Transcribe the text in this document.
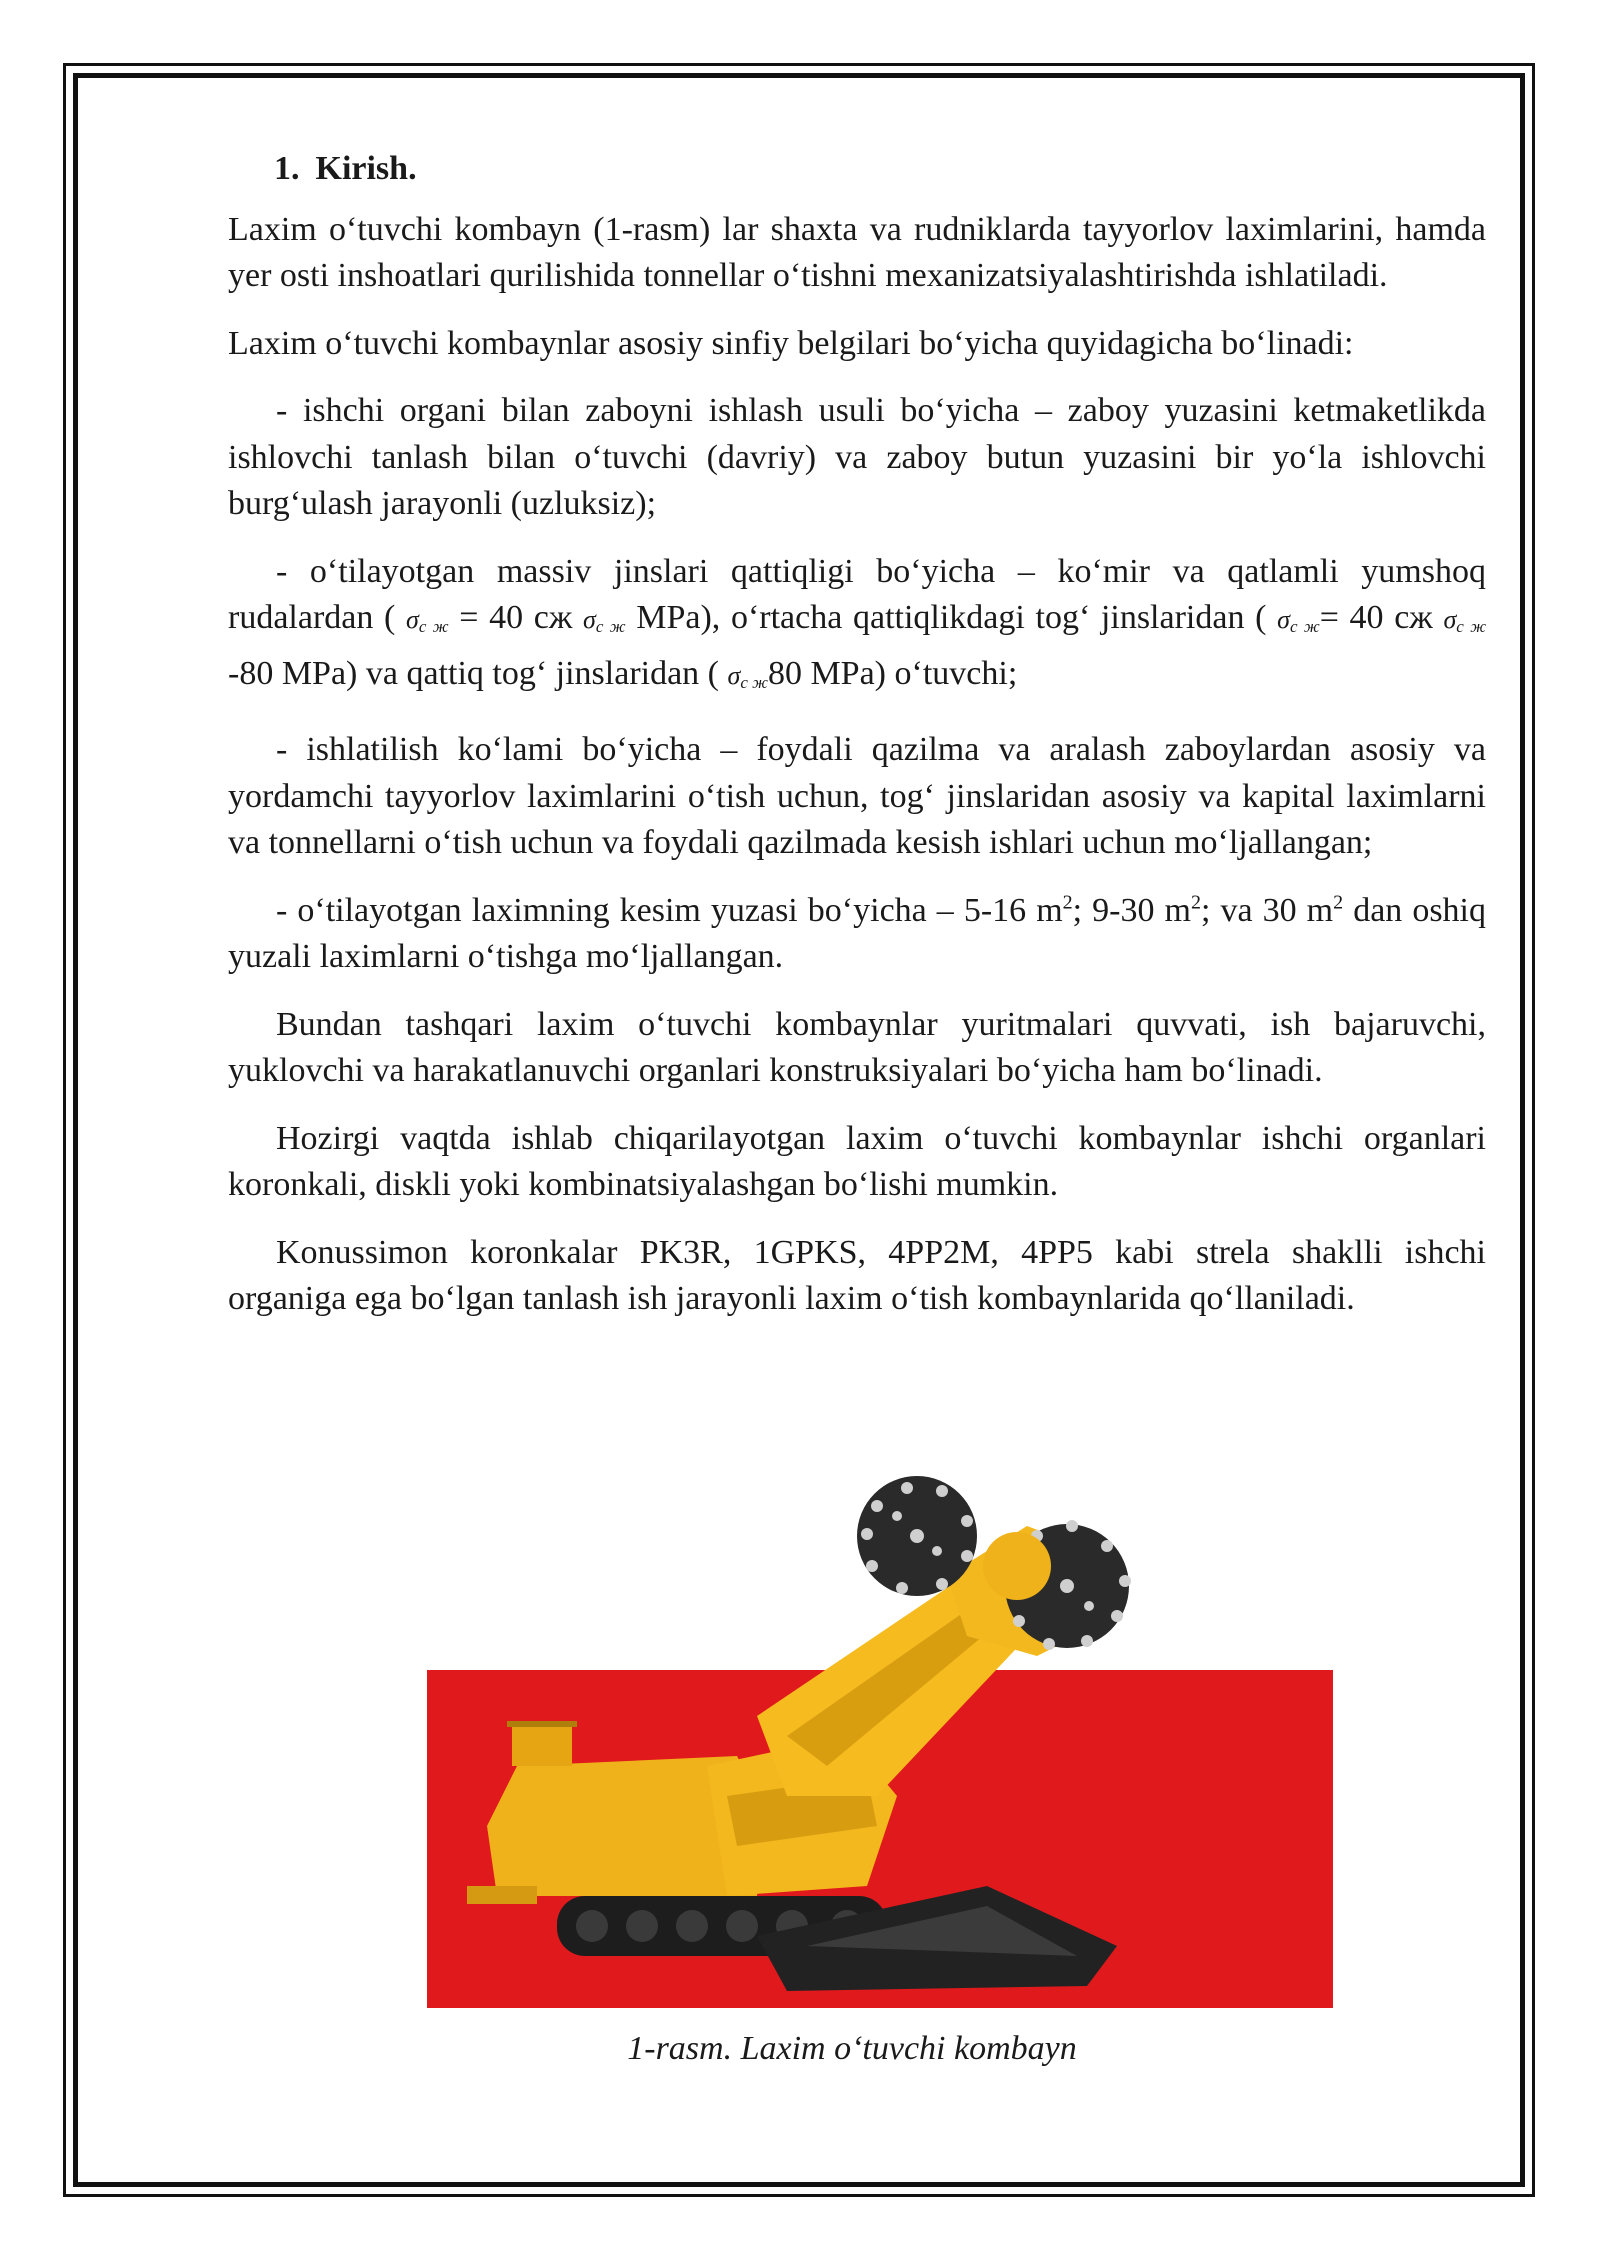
1. Kirish.

Laxim o‘tuvchi kombayn (1-rasm) lar shaxta va rudniklarda tayyorlov laximlarini, hamda yer osti inshoatlari qurilishida tonnellar o‘tishni mexanizatsiyalashtirishda ishlatiladi.

Laxim o‘tuvchi kombaynlar asosiy sinfiy belgilari bo‘yicha quyidagicha bo‘linadi:

- ishchi organi bilan zaboyni ishlash usuli bo‘yicha – zaboy yuzasini ketmaketlikda ishlovchi tanlash bilan o‘tuvchi (davriy) va zaboy butun yuzasini bir yo‘la ishlovchi burg‘ulash jarayonli (uzluksiz);

- o‘tilayotgan massiv jinslari qattiqligi bo‘yicha – ko‘mir va qatlamli yumshoq rudalardan ( $\sigma_{с ж} = 40$ сж $\sigma_{с ж}$ MPa), o‘rtacha qattiqlikdagi tog‘ jinslaridan ( $\sigma_{с ж}= 40$ сж $\sigma_{с ж}$ -80 MPa) va qattiq tog‘ jinslaridan ( $\sigma_{с ж}80$ MPa) o‘tuvchi;

- ishlatilish ko‘lami bo‘yicha – foydali qazilma va aralash zaboylardan asosiy va yordamchi tayyorlov laximlarini o‘tish uchun, tog‘ jinslaridan asosiy va kapital laximlarni va tonnellarni o‘tish uchun va foydali qazilmada kesish ishlari uchun mo‘ljallangan;

- o‘tilayotgan laximning kesim yuzasi bo‘yicha – 5-16 $m^2$; 9-30 $m^2$; va 30 $m^2$ dan oshiq yuzali laximlarni o‘tishga mo‘ljallangan.

Bundan tashqari laxim o‘tuvchi kombaynlar yuritmalari quvvati, ish bajaruvchi, yuklovchi va harakatlanuvchi organlari konstruksiyalari bo‘yicha ham bo‘linadi.

Hozirgi vaqtda ishlab chiqarilayotgan laxim o‘tuvchi kombaynlar ishchi organlari koronkali, diskli yoki kombinatsiyalashgan bo‘lishi mumkin.

Konussimon koronkalar PK3R, 1GPKS, 4PP2M, 4PP5 kabi strela shaklli ishchi organiga ega bo‘lgan tanlash ish jarayonli laxim o‘tish kombaynlarida qo‘llaniladi.

1-rasm. Laxim o‘tuvchi kombayn
